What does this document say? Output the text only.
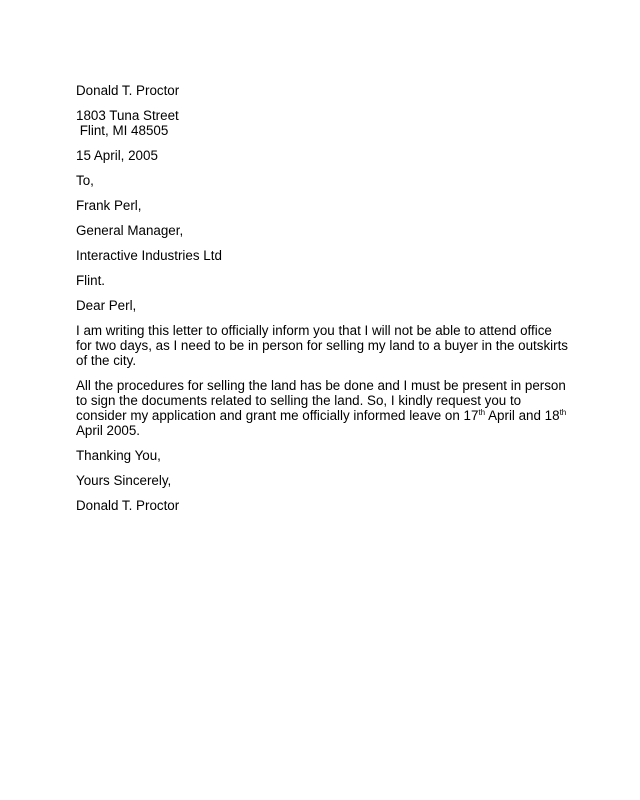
Donald T. Proctor
1803 Tuna Street
Flint, MI 48505
15 April, 2005
To,
Frank Perl,
General Manager,
Interactive Industries Ltd
Flint.
Dear Perl,
I am writing this letter to officially inform you that I will not be able to attend office for two days, as I need to be in person for selling my land to a buyer in the outskirts of the city.
All the procedures for selling the land has be done and I must be present in person to sign the documents related to selling the land. So, I kindly request you to consider my application and grant me officially informed leave on 17th April and 18th April 2005.
Thanking You,
Yours Sincerely,
Donald T. Proctor
